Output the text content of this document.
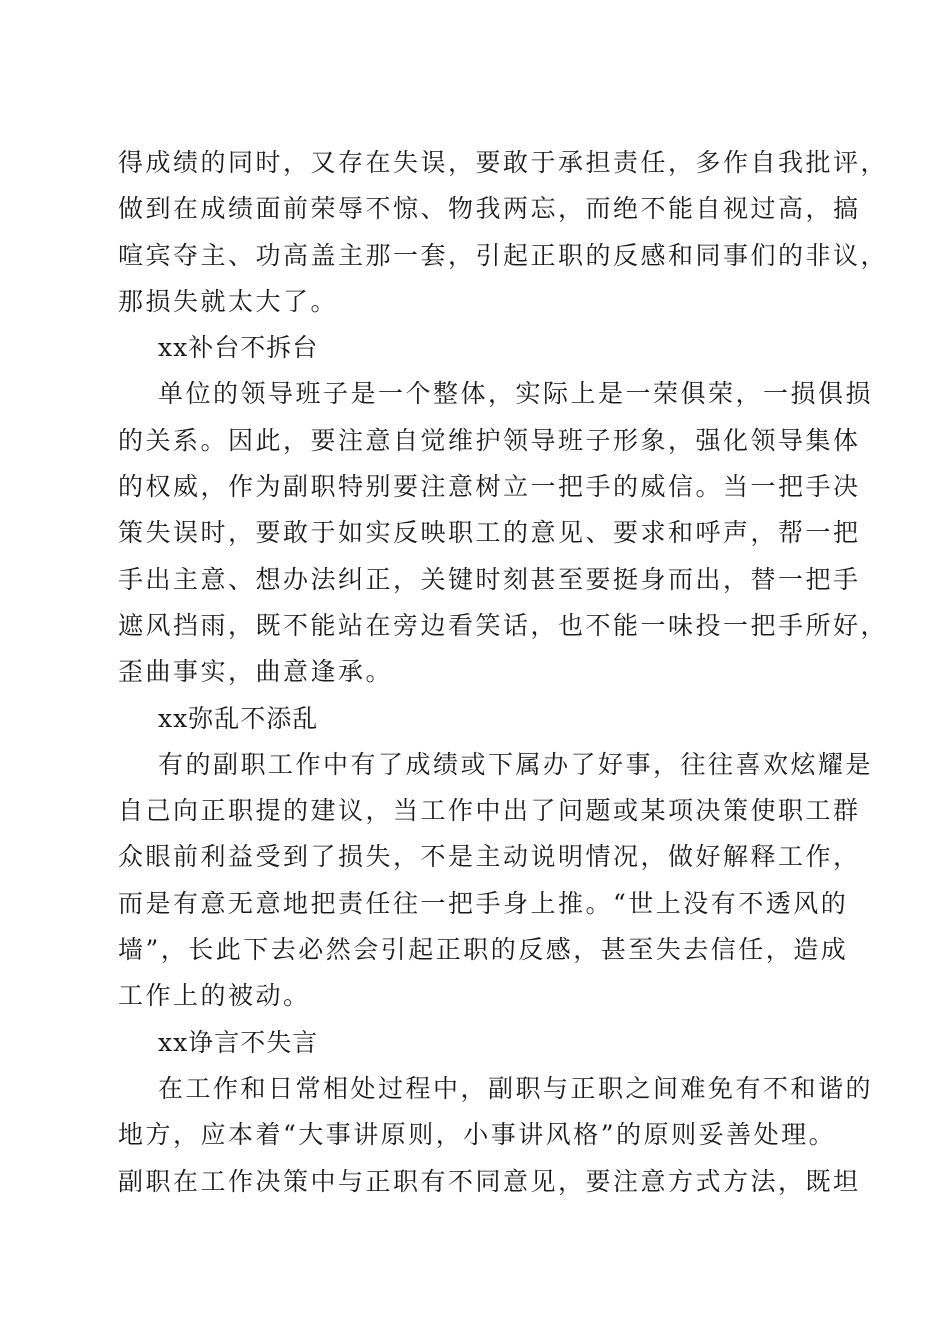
得成绩的同时，又存在失误，要敢于承担责任，多作自我批评，
做到在成绩面前荣辱不惊、物我两忘，而绝不能自视过高，搞
喧宾夺主、功高盖主那一套，引起正职的反感和同事们的非议，
那损失就太大了。
xx补台不拆台
单位的领导班子是一个整体，实际上是一荣俱荣，一损俱损
的关系。因此，要注意自觉维护领导班子形象，强化领导集体
的权威，作为副职特别要注意树立一把手的威信。当一把手决
策失误时，要敢于如实反映职工的意见、要求和呼声，帮一把
手出主意、想办法纠正，关键时刻甚至要挺身而出，替一把手
遮风挡雨，既不能站在旁边看笑话，也不能一味投一把手所好，
歪曲事实，曲意逢承。
xx弥乱不添乱
有的副职工作中有了成绩或下属办了好事，往往喜欢炫耀是
自己向正职提的建议，当工作中出了问题或某项决策使职工群
众眼前利益受到了损失，不是主动说明情况，做好解释工作，
而是有意无意地把责任往一把手身上推。“世上没有不透风的
墙”，长此下去必然会引起正职的反感，甚至失去信任，造成
工作上的被动。
xx诤言不失言
在工作和日常相处过程中，副职与正职之间难免有不和谐的
地方，应本着“大事讲原则，小事讲风格”的原则妥善处理。
副职在工作决策中与正职有不同意见，要注意方式方法，既坦
